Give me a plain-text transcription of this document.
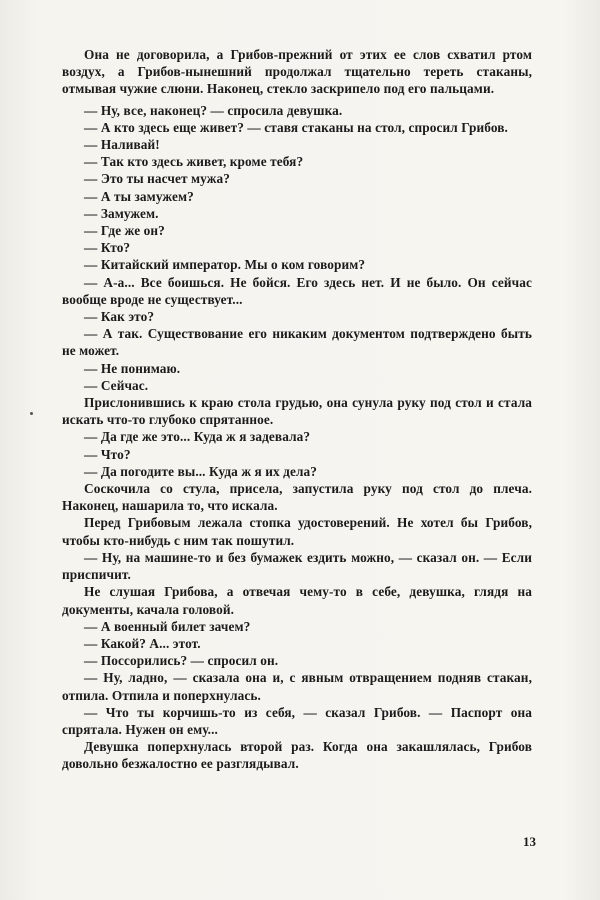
Она не договорила, а Грибов-прежний от этих ее слов схватил ртом воздух, а Грибов-нынешний продолжал тщательно тереть стаканы, отмывая чужие слюни. Наконец, стекло заскрипело под его пальцами.

— Ну, все, наконец? — спросила девушка.

— А кто здесь еще живет? — ставя стаканы на стол, спросил Грибов.

— Наливай!

— Так кто здесь живет, кроме тебя?

— Это ты насчет мужа?

— А ты замужем?

— Замужем.

— Где же он?

— Кто?

— Китайский император. Мы о ком говорим?

— А-а... Все боишься. Не бойся. Его здесь нет. И не было. Он сейчас вообще вроде не существует...

— Как это?

— А так. Существование его никаким документом подтверждено быть не может.

— Не понимаю.

— Сейчас.

Прислонившись к краю стола грудью, она сунула руку под стол и стала искать что-то глубоко спрятанное.

— Да где же это... Куда ж я задевала?

— Что?

— Да погодите вы... Куда ж я их дела?

Соскочила со стула, присела, запустила руку под стол до плеча. Наконец, нашарила то, что искала.

Перед Грибовым лежала стопка удостоверений. Не хотел бы Грибов, чтобы кто-нибудь с ним так пошутил.

— Ну, на машине-то и без бумажек ездить можно, — сказал он. — Если приспичит.

Не слушая Грибова, а отвечая чему-то в себе, девушка, глядя на документы, качала головой.

— А военный билет зачем?

— Какой? А... этот.

— Поссорились? — спросил он.

— Ну, ладно, — сказала она и, с явным отвращением подняв стакан, отпила. Отпила и поперхнулась.

— Что ты корчишь-то из себя, — сказал Грибов. — Паспорт она спрятала. Нужен он ему...

Девушка поперхнулась второй раз. Когда она закашлялась, Грибов довольно безжалостно ее разглядывал.

13
